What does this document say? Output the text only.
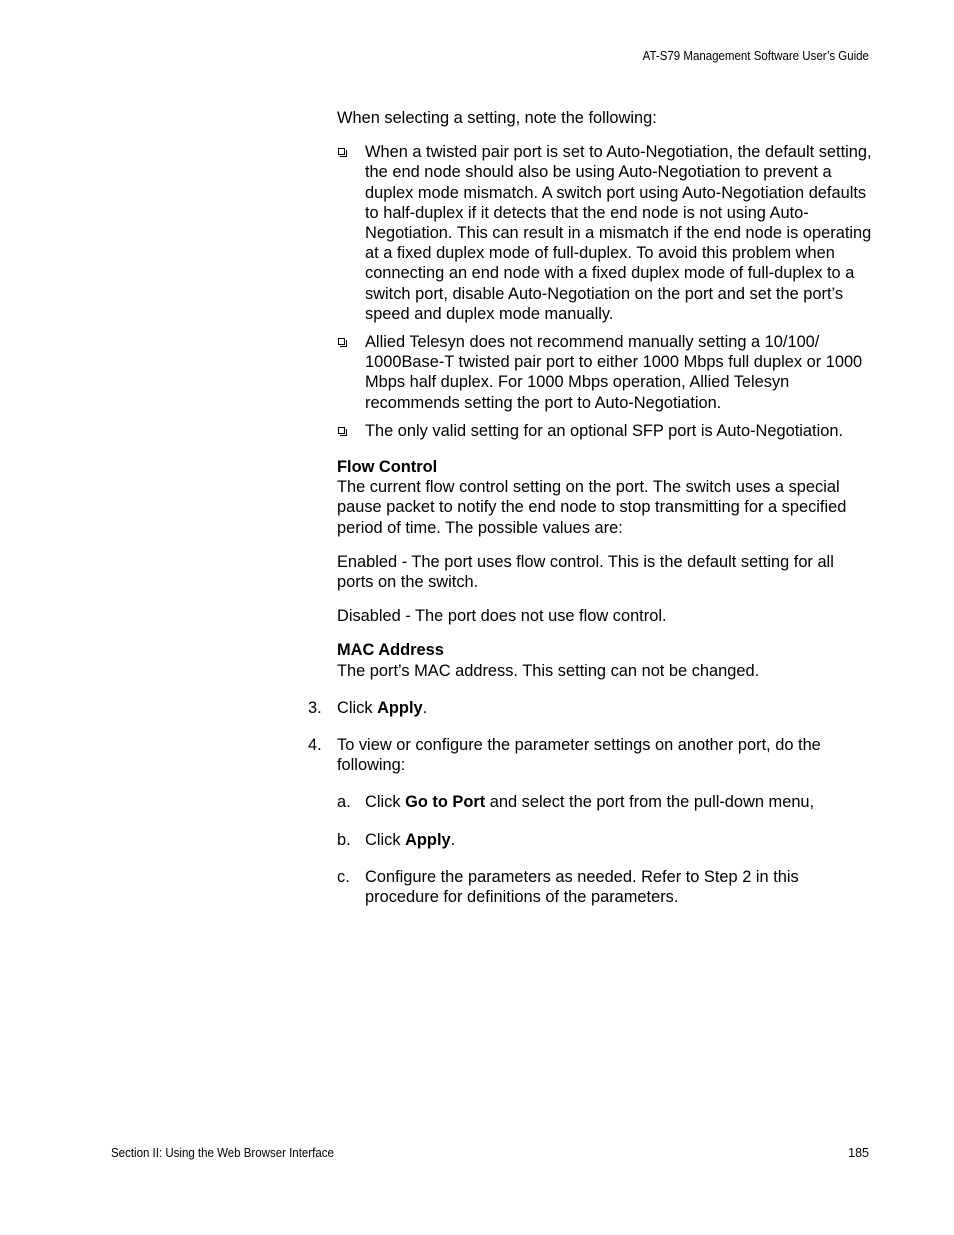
AT-S79 Management Software User’s Guide

When selecting a setting, note the following:

When a twisted pair port is set to Auto-Negotiation, the default setting, the end node should also be using Auto-Negotiation to prevent a duplex mode mismatch. A switch port using Auto-Negotiation defaults to half-duplex if it detects that the end node is not using Auto-Negotiation. This can result in a mismatch if the end node is operating at a fixed duplex mode of full-duplex. To avoid this problem when connecting an end node with a fixed duplex mode of full-duplex to a switch port, disable Auto-Negotiation on the port and set the port’s speed and duplex mode manually.
Allied Telesyn does not recommend manually setting a 10/100/ 1000Base-T twisted pair port to either 1000 Mbps full duplex or 1000 Mbps half duplex. For 1000 Mbps operation, Allied Telesyn recommends setting the port to Auto-Negotiation.
The only valid setting for an optional SFP port is Auto-Negotiation.

Flow Control

The current flow control setting on the port. The switch uses a special pause packet to notify the end node to stop transmitting for a specified period of time. The possible values are:

Enabled - The port uses flow control. This is the default setting for all ports on the switch.

Disabled - The port does not use flow control.

MAC Address

The port’s MAC address. This setting can not be changed.

3. Click Apply.
4. To view or configure the parameter settings on another port, do the following:
a. Click Go to Port and select the port from the pull-down menu,
b. Click Apply.
c. Configure the parameters as needed. Refer to Step 2 in this procedure for definitions of the parameters.
Section II: Using the Web Browser Interface	185
